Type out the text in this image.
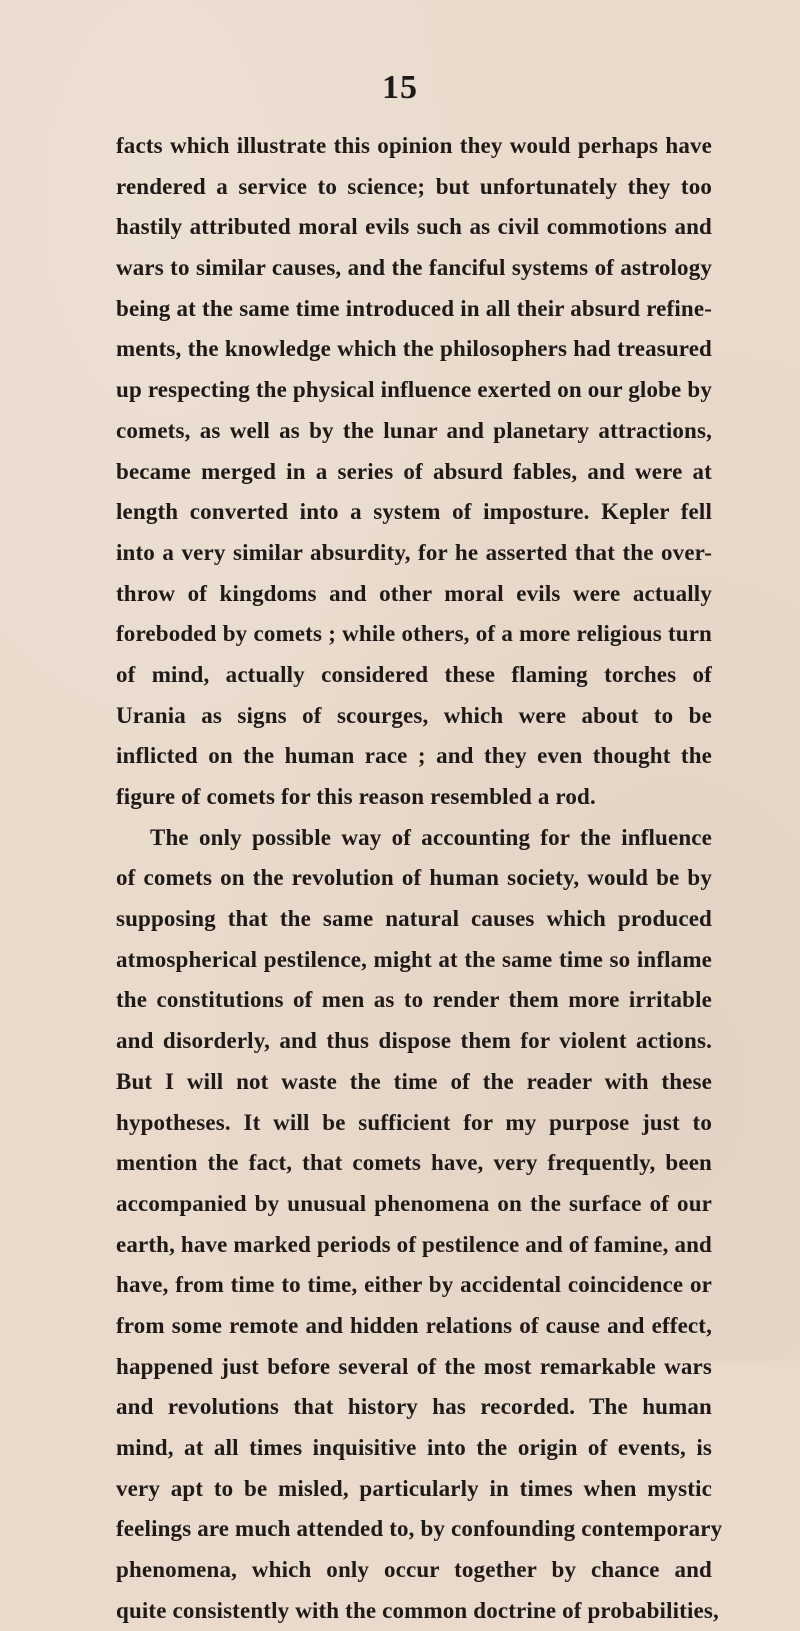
15
facts which illustrate this opinion they would perhaps have
rendered a service to science; but unfortunately they too
hastily attributed moral evils such as civil commotions and
wars to similar causes, and the fanciful systems of astrology
being at the same time introduced in all their absurd refine-
ments, the knowledge which the philosophers had treasured
up respecting the physical influence exerted on our globe by
comets, as well as by the lunar and planetary attractions,
became merged in a series of absurd fables, and were at
length converted into a system of imposture. Kepler fell
into a very similar absurdity, for he asserted that the over-
throw of kingdoms and other moral evils were actually
foreboded by comets ; while others, of a more religious turn
of mind, actually considered these flaming torches of
Urania as signs of scourges, which were about to be
inflicted on the human race ; and they even thought the
figure of comets for this reason resembled a rod.
The only possible way of accounting for the influence
of comets on the revolution of human society, would be by
supposing that the same natural causes which produced
atmospherical pestilence, might at the same time so inflame
the constitutions of men as to render them more irritable
and disorderly, and thus dispose them for violent actions.
But I will not waste the time of the reader with these
hypotheses. It will be sufficient for my purpose just to
mention the fact, that comets have, very frequently, been
accompanied by unusual phenomena on the surface of our
earth, have marked periods of pestilence and of famine, and
have, from time to time, either by accidental coincidence or
from some remote and hidden relations of cause and effect,
happened just before several of the most remarkable wars
and revolutions that history has recorded. The human
mind, at all times inquisitive into the origin of events, is
very apt to be misled, particularly in times when mystic
feelings are much attended to, by confounding contemporary
phenomena, which only occur together by chance and
quite consistently with the common doctrine of probabilities,
